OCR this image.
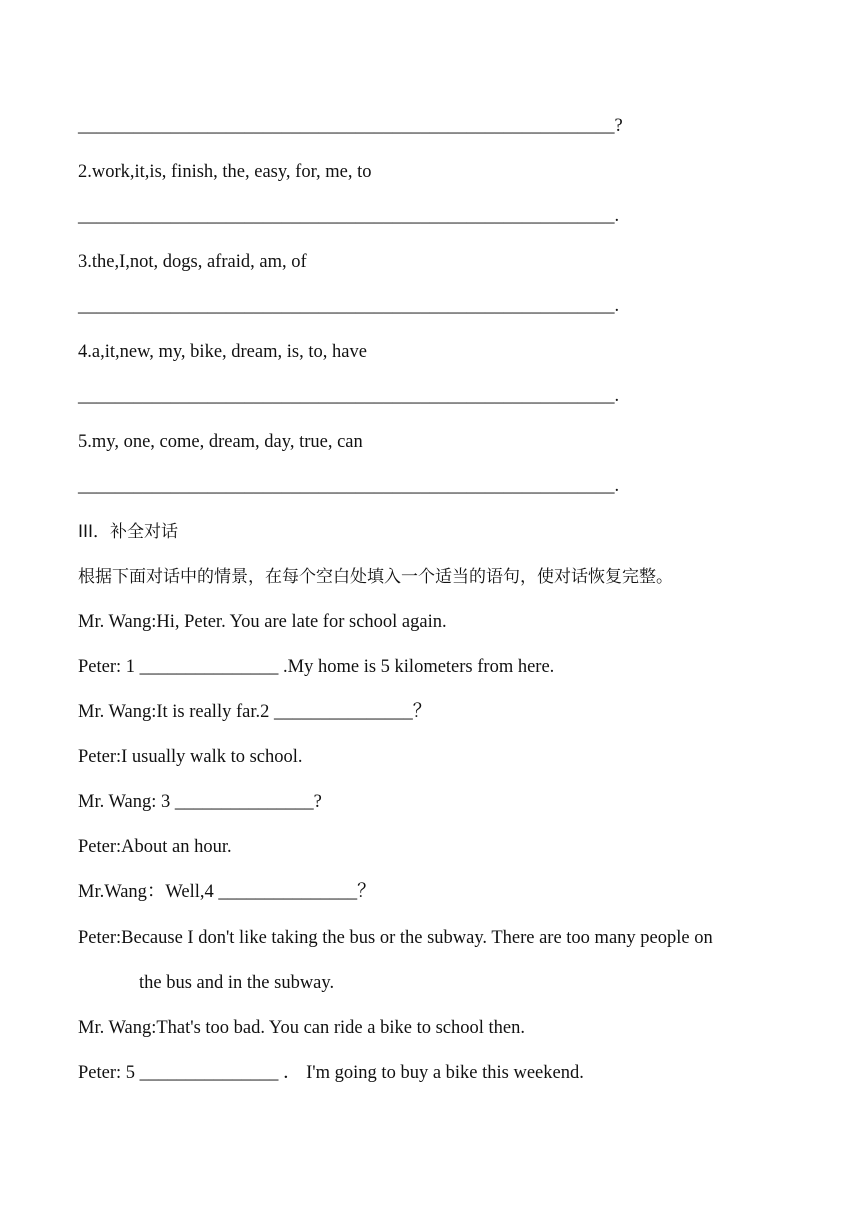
__________________________________________________________?
2.work,it,is, finish, the, easy, for, me, to
__________________________________________________________.
3.the,I,not, dogs, afraid, am, of
__________________________________________________________.
4.a,it,new, my, bike, dream, is, to, have
__________________________________________________________.
5.my, one, come, dream, day, true, can
__________________________________________________________.
III．补全对话
根据下面对话中的情景，在每个空白处填入一个适当的语句，使对话恢复完整。
Mr. Wang:Hi, Peter. You are late for school again.
Peter: 1 _______________ .My home is 5 kilometers from here.
Mr. Wang:It is really far.2 _______________？
Peter:I usually walk to school.
Mr. Wang: 3 _______________?
Peter:About an hour.
Mr.Wang：Well,4 _______________？
Peter:Because I don't like taking the bus or the subway. There are too many people on
the bus and in the subway.
Mr. Wang:That's too bad. You can ride a bike to school then.
Peter: 5 _______________ ． I'm going to buy a bike this weekend.
